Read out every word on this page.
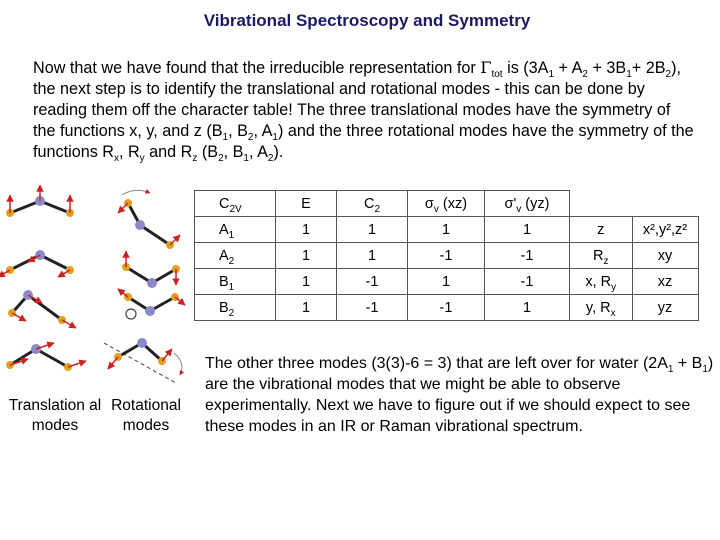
Vibrational Spectroscopy and Symmetry
Now that we have found that the irreducible representation for $\Gamma_{tot}$ is $(3A_1 + A_2 + 3B_1+ 2B_2)$, the next step is to identify the translational and rotational modes - this can be done by reading them off the character table! The three translational modes have the symmetry of the functions x, y, and z ($B_1$, $B_2$, $A_1$) and the three rotational modes have the symmetry of the functions $R_x$, $R_y$ and $R_z$ ($B_2$, $B_1$, $A_2$).
Translation al modes
Rotational modes
$C_{2V}$	E	$C_2$	$\sigma_v$ (xz)	$\sigma'_v$ (yz)		
$A_1$	1	1	1	1	z	x²,y²,z²
$A_2$	1	1	-1	-1	$R_z$	xy
$B_1$	1	-1	1	-1	x, $R_y$	xz
$B_2$	1	-1	-1	1	y, $R_x$	yz
The other three modes (3(3)-6 = 3) that are left over for water $(2A_1 + B_1)$ are the vibrational modes that we might be able to observe experimentally. Next we have to figure out if we should expect to see these modes in an IR or Raman vibrational spectrum.
